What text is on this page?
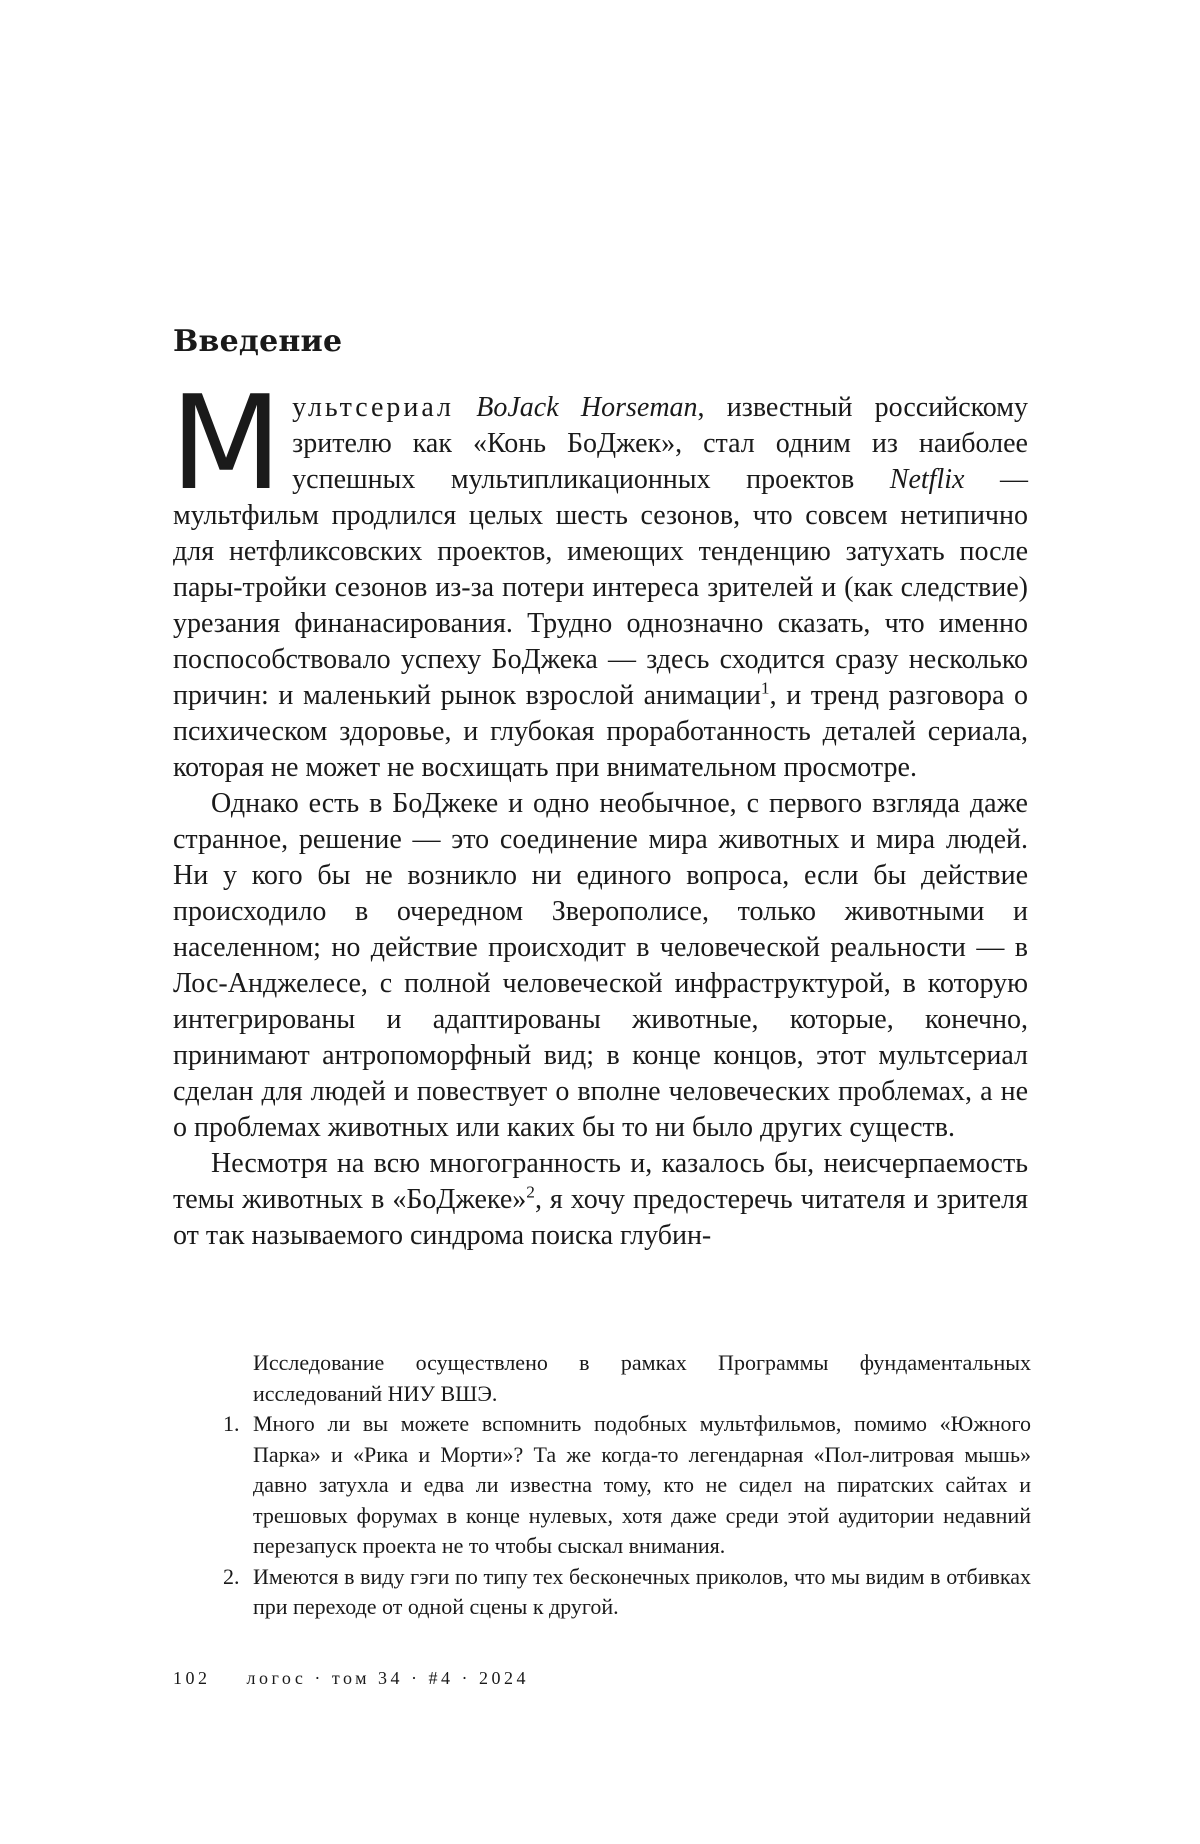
Введение

Мультсериал BoJack Horseman, известный российскому зрителю как «Конь БоДжек», стал одним из наиболее успешных мультипликационных проектов Netflix — мультфильм продлился целых шесть сезонов, что совсем нетипично для нетфликсовских проектов, имеющих тенденцию затухать после пары-тройки сезонов из-за потери интереса зрителей и (как следствие) урезания финанасирования. Трудно однозначно сказать, что именно поспособствовало успеху БоДжека — здесь сходится сразу несколько причин: и маленький рынок взрослой анимации$^1$, и тренд разговора о психическом здоровье, и глубокая проработанность деталей сериала, которая не может не восхищать при внимательном просмотре.

Однако есть в БоДжеке и одно необычное, с первого взгляда даже странное, решение — это соединение мира животных и мира людей. Ни у кого бы не возникло ни единого вопроса, если бы действие происходило в очередном Зверополисе, только животными и населенном; но действие происходит в человеческой реальности — в Лос-Анджелесе, с полной человеческой инфраструктурой, в которую интегрированы и адаптированы животные, которые, конечно, принимают антропоморфный вид; в конце концов, этот мультсериал сделан для людей и повествует о вполне человеческих проблемах, а не о проблемах животных или каких бы то ни было других существ.

Несмотря на всю многогранность и, казалось бы, неисчерпаемость темы животных в «БоДжеке»$^2$, я хочу предостеречь читателя и зрителя от так называемого синдрома поиска глубин-

Исследование осуществлено в рамках Программы фундаментальных исследований НИУ ВШЭ.

1. Много ли вы можете вспомнить подобных мультфильмов, помимо «Южного Парка» и «Рика и Морти»? Та же когда-то легендарная «Пол-литровая мышь» давно затухла и едва ли известна тому, кто не сидел на пиратских сайтах и трешовых форумах в конце нулевых, хотя даже среди этой аудитории недавний перезапуск проекта не то чтобы сыскал внимания.
2. Имеются в виду гэги по типу тех бесконечных приколов, что мы видим в отбивках при переходе от одной сцены к другой.
102 логос · том 34 · #4 · 2024
